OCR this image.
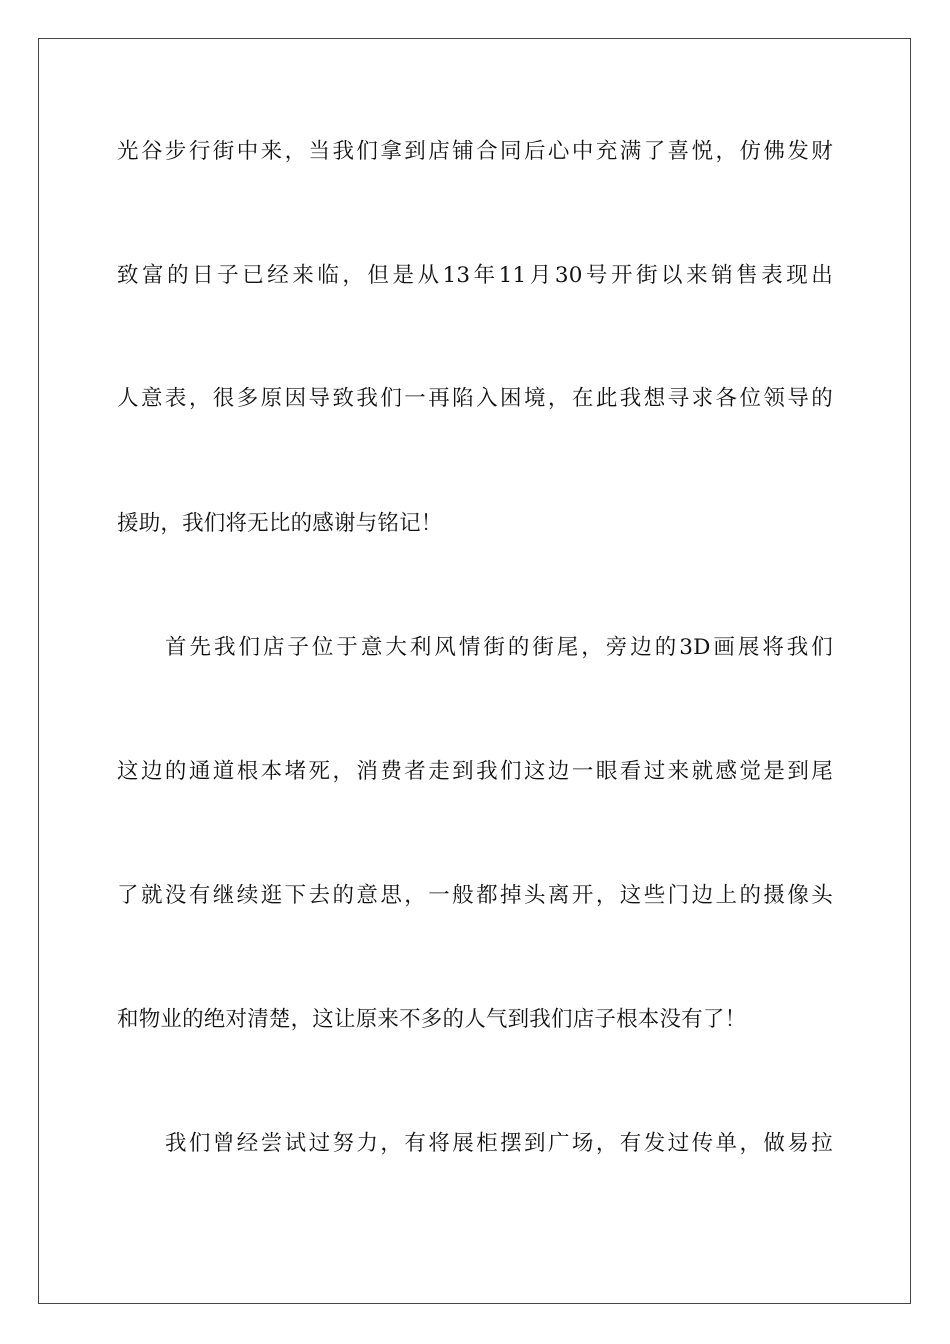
光谷步行街中来，当我们拿到店铺合同后心中充满了喜悦，仿佛发财
致富的日子已经来临，但是从13年11月30号开街以来销售表现出
人意表，很多原因导致我们一再陷入困境，在此我想寻求各位领导的
援助，我们将无比的感谢与铭记！
首先我们店子位于意大利风情街的街尾，旁边的3D画展将我们
这边的通道根本堵死，消费者走到我们这边一眼看过来就感觉是到尾
了就没有继续逛下去的意思，一般都掉头离开，这些门边上的摄像头
和物业的绝对清楚，这让原来不多的人气到我们店子根本没有了！
我们曾经尝试过努力，有将展柜摆到广场，有发过传单，做易拉
